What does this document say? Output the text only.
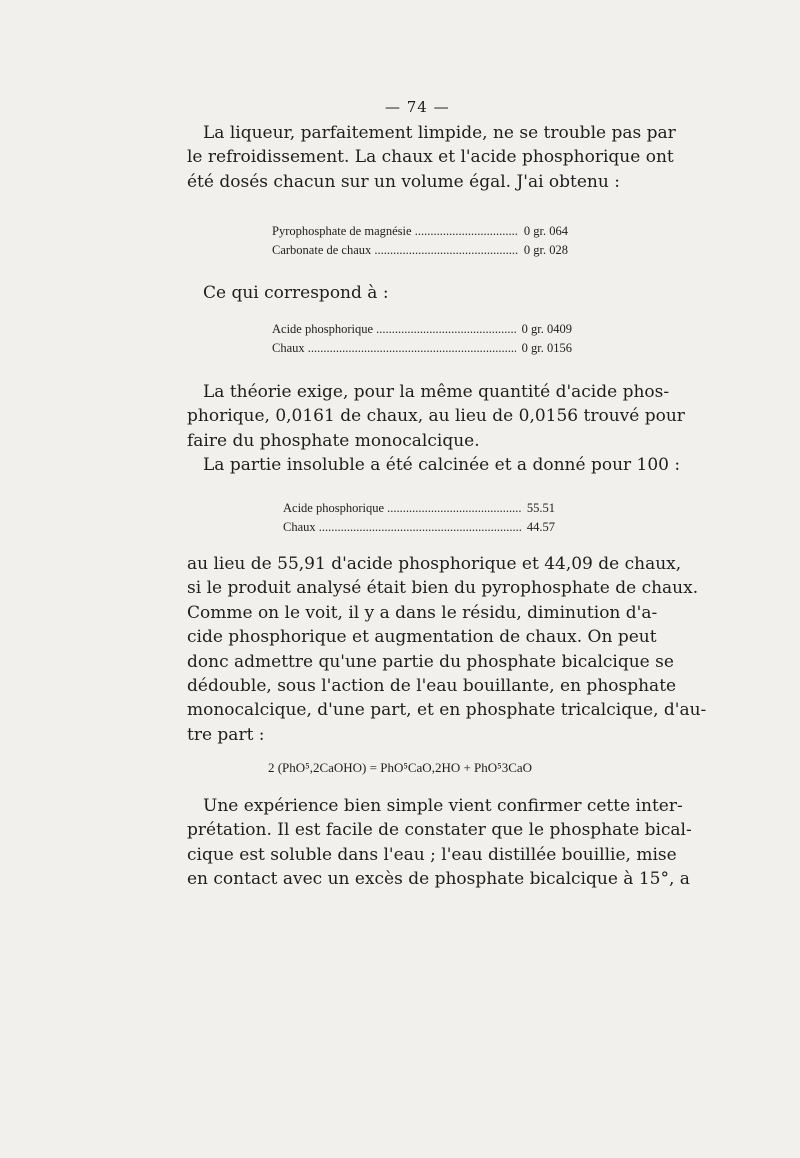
— 74 —

La liqueur, parfaitement limpide, ne se trouble pas par
le refroidissement. La chaux et l'acide phosphorique ont
été dosés chacun sur un volume égal. J'ai obtenu :

Pyrophosphate de magnésie .....	0 gr. 064
Carbonate de chaux .....	0 gr. 028

Ce qui correspond à :

Acide phosphorique .....	0 gr. 0409
Chaux .....	0 gr. 0156

La théorie exige, pour la même quantité d'acide phos-
phorique, 0,0161 de chaux, au lieu de 0,0156 trouvé pour
faire du phosphate monocalcique.

La partie insoluble a été calcinée et a donné pour 100 :

Acide phosphorique .....	55.51
Chaux .....	44.57

au lieu de 55,91 d'acide phosphorique et 44,09 de chaux,
si le produit analysé était bien du pyrophosphate de chaux.
Comme on le voit, il y a dans le résidu, diminution d'a-
cide phosphorique et augmentation de chaux. On peut
donc admettre qu'une partie du phosphate bicalcique se
dédouble, sous l'action de l'eau bouillante, en phosphate
monocalcique, d'une part, et en phosphate tricalcique, d'au-
tre part :

2 (PhO⁵,2CaOHO) = PhO⁵CaO,2HO + PhO⁵3CaO

Une expérience bien simple vient confirmer cette inter-
prétation. Il est facile de constater que le phosphate bical-
cique est soluble dans l'eau ; l'eau distillée bouillie, mise
en contact avec un excès de phosphate bicalcique à 15°, a
